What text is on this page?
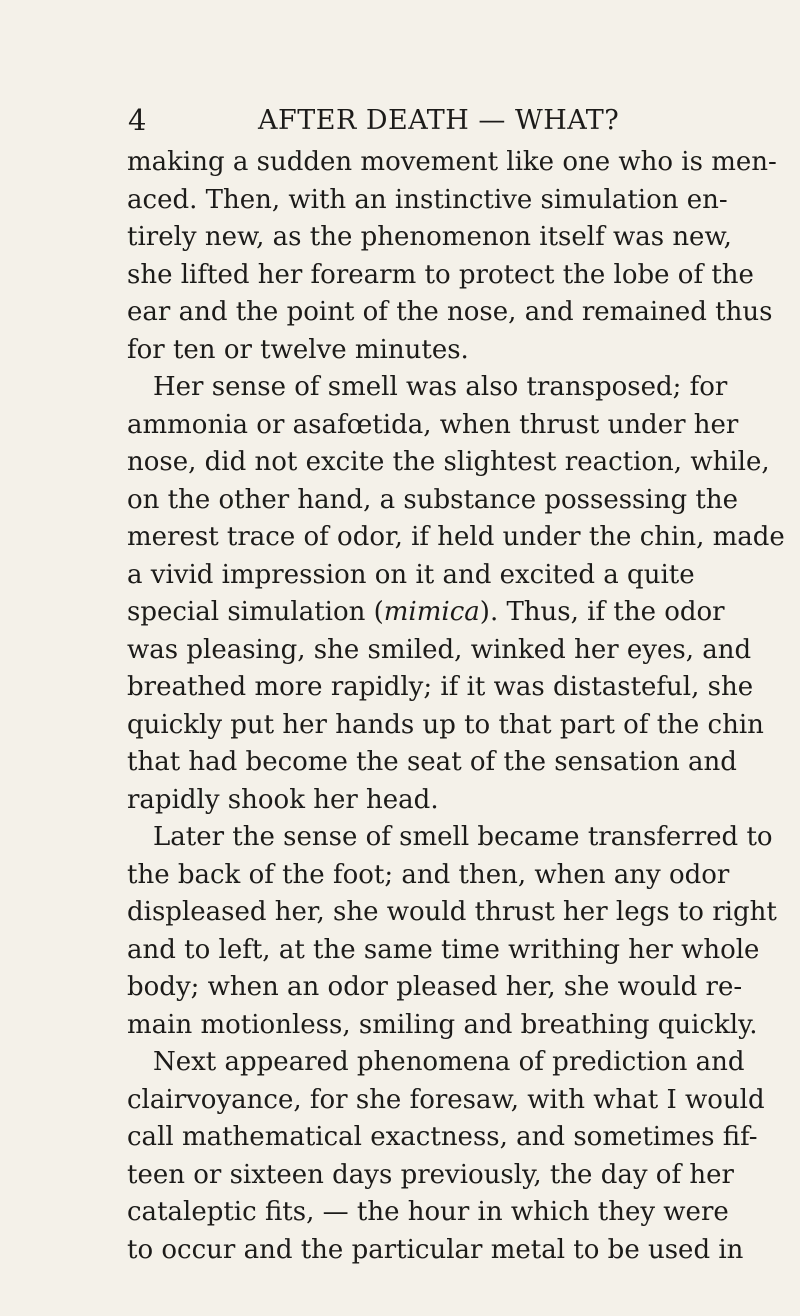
4	AFTER DEATH — WHAT?
making a sudden movement like one who is men-
aced. Then, with an instinctive simulation en-
tirely new, as the phenomenon itself was new,
she lifted her forearm to protect the lobe of the
ear and the point of the nose, and remained thus
for ten or twelve minutes.
Her sense of smell was also transposed; for
ammonia or asafœtida, when thrust under her
nose, did not excite the slightest reaction, while,
on the other hand, a substance possessing the
merest trace of odor, if held under the chin, made
a vivid impression on it and excited a quite
special simulation (mimica). Thus, if the odor
was pleasing, she smiled, winked her eyes, and
breathed more rapidly; if it was distasteful, she
quickly put her hands up to that part of the chin
that had become the seat of the sensation and
rapidly shook her head.
Later the sense of smell became transferred to
the back of the foot; and then, when any odor
displeased her, she would thrust her legs to right
and to left, at the same time writhing her whole
body; when an odor pleased her, she would re-
main motionless, smiling and breathing quickly.
Next appeared phenomena of prediction and
clairvoyance, for she foresaw, with what I would
call mathematical exactness, and sometimes fif-
teen or sixteen days previously, the day of her
cataleptic fits, — the hour in which they were
to occur and the particular metal to be used in
